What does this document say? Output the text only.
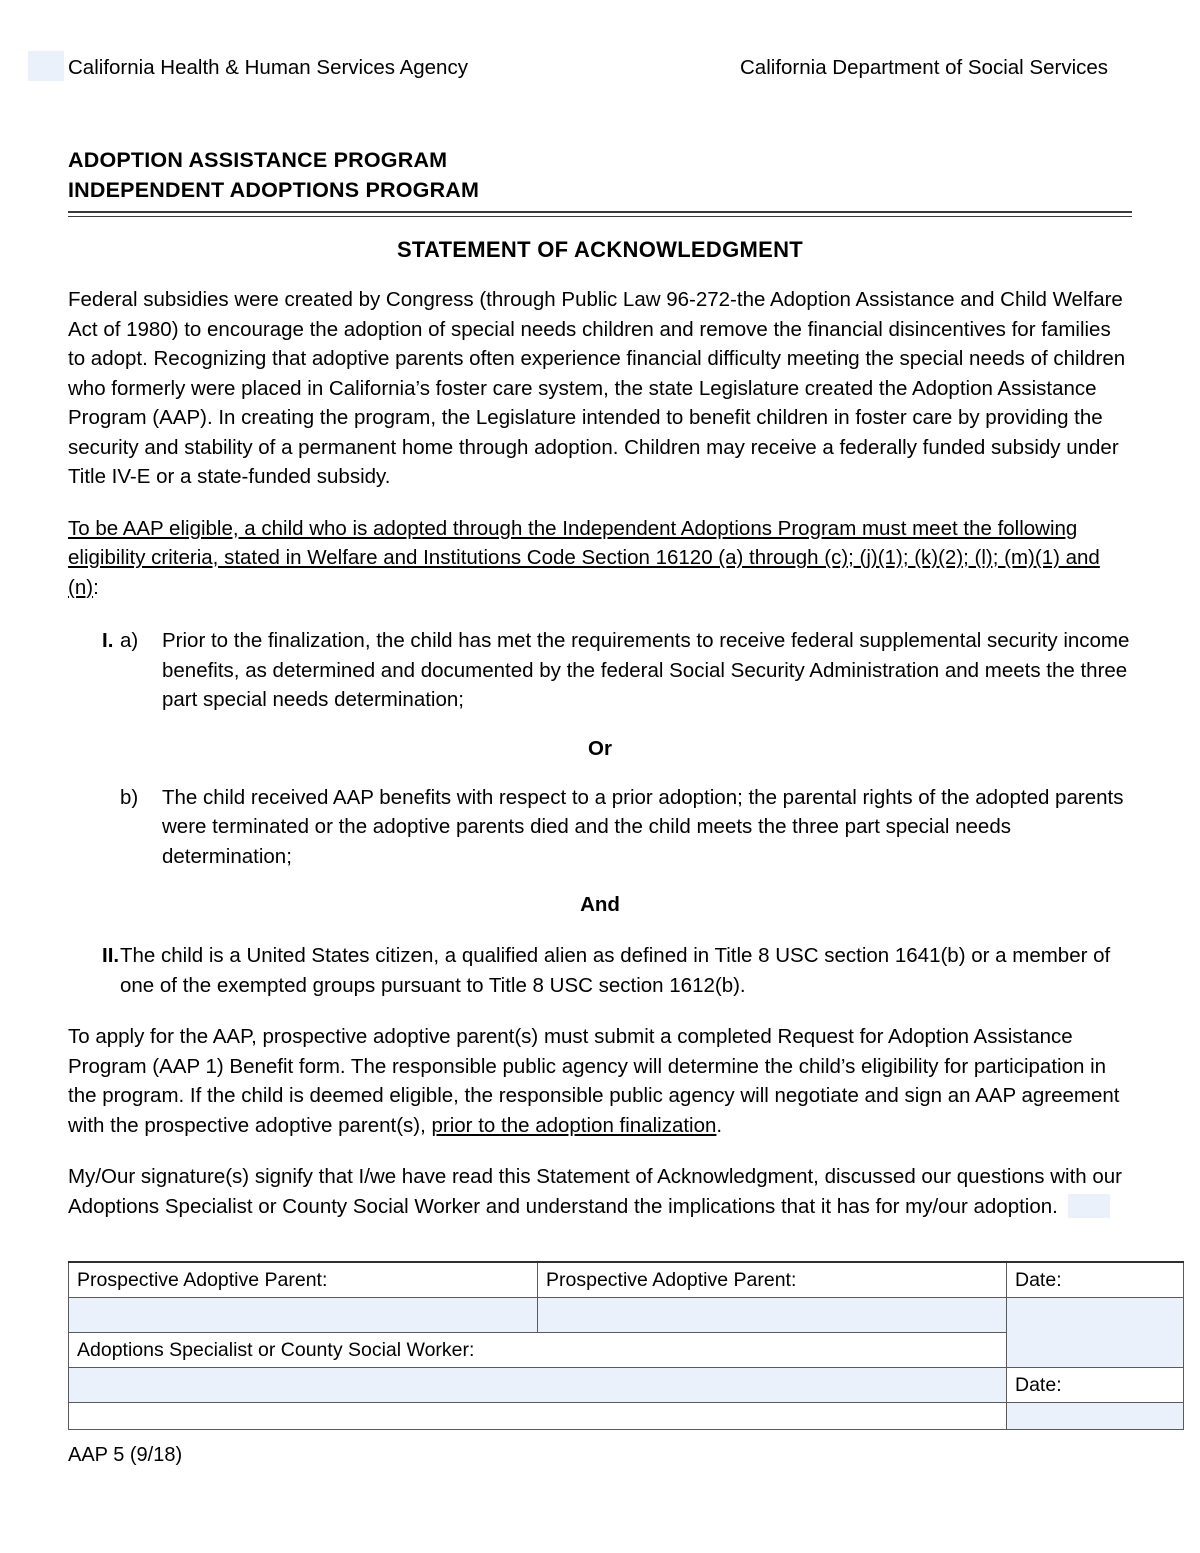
California Health & Human Services Agency	California Department of Social Services
ADOPTION ASSISTANCE PROGRAM
INDEPENDENT ADOPTIONS PROGRAM
STATEMENT OF ACKNOWLEDGMENT

Federal subsidies were created by Congress (through Public Law 96-272-the Adoption Assistance and Child Welfare Act of 1980) to encourage the adoption of special needs children and remove the financial disincentives for families to adopt. Recognizing that adoptive parents often experience financial difficulty meeting the special needs of children who formerly were placed in California’s foster care system, the state Legislature created the Adoption Assistance Program (AAP). In creating the program, the Legislature intended to benefit children in foster care by providing the security and stability of a permanent home through adoption. Children may receive a federally funded subsidy under Title IV-E or a state-funded subsidy.

To be AAP eligible, a child who is adopted through the Independent Adoptions Program must meet the following eligibility criteria, stated in Welfare and Institutions Code Section 16120 (a) through (c); (j)(1); (k)(2); (l); (m)(1) and (n):

I. a)	Prior to the finalization, the child has met the requirements to receive federal supplemental security income benefits, as determined and documented by the federal Social Security Administration and meets the three part special needs determination;
Or
b)	The child received AAP benefits with respect to a prior adoption; the parental rights of the adopted parents were terminated or the adoptive parents died and the child meets the three part special needs determination;
And
II. The child is a United States citizen, a qualified alien as defined in Title 8 USC section 1641(b) or a member of one of the exempted groups pursuant to Title 8 USC section 1612(b).

To apply for the AAP, prospective adoptive parent(s) must submit a completed Request for Adoption Assistance Program (AAP 1) Benefit form. The responsible public agency will determine the child’s eligibility for participation in the program. If the child is deemed eligible, the responsible public agency will negotiate and sign an AAP agreement with the prospective adoptive parent(s), prior to the adoption finalization.

My/Our signature(s) signify that I/we have read this Statement of Acknowledgment, discussed our questions with our Adoptions Specialist or County Social Worker and understand the implications that it has for my/our adoption.

Prospective Adoptive Parent:	Prospective Adoptive Parent:	Date:

Adoptions Specialist or County Social Worker:		
		Date:

AAP 5 (9/18)
